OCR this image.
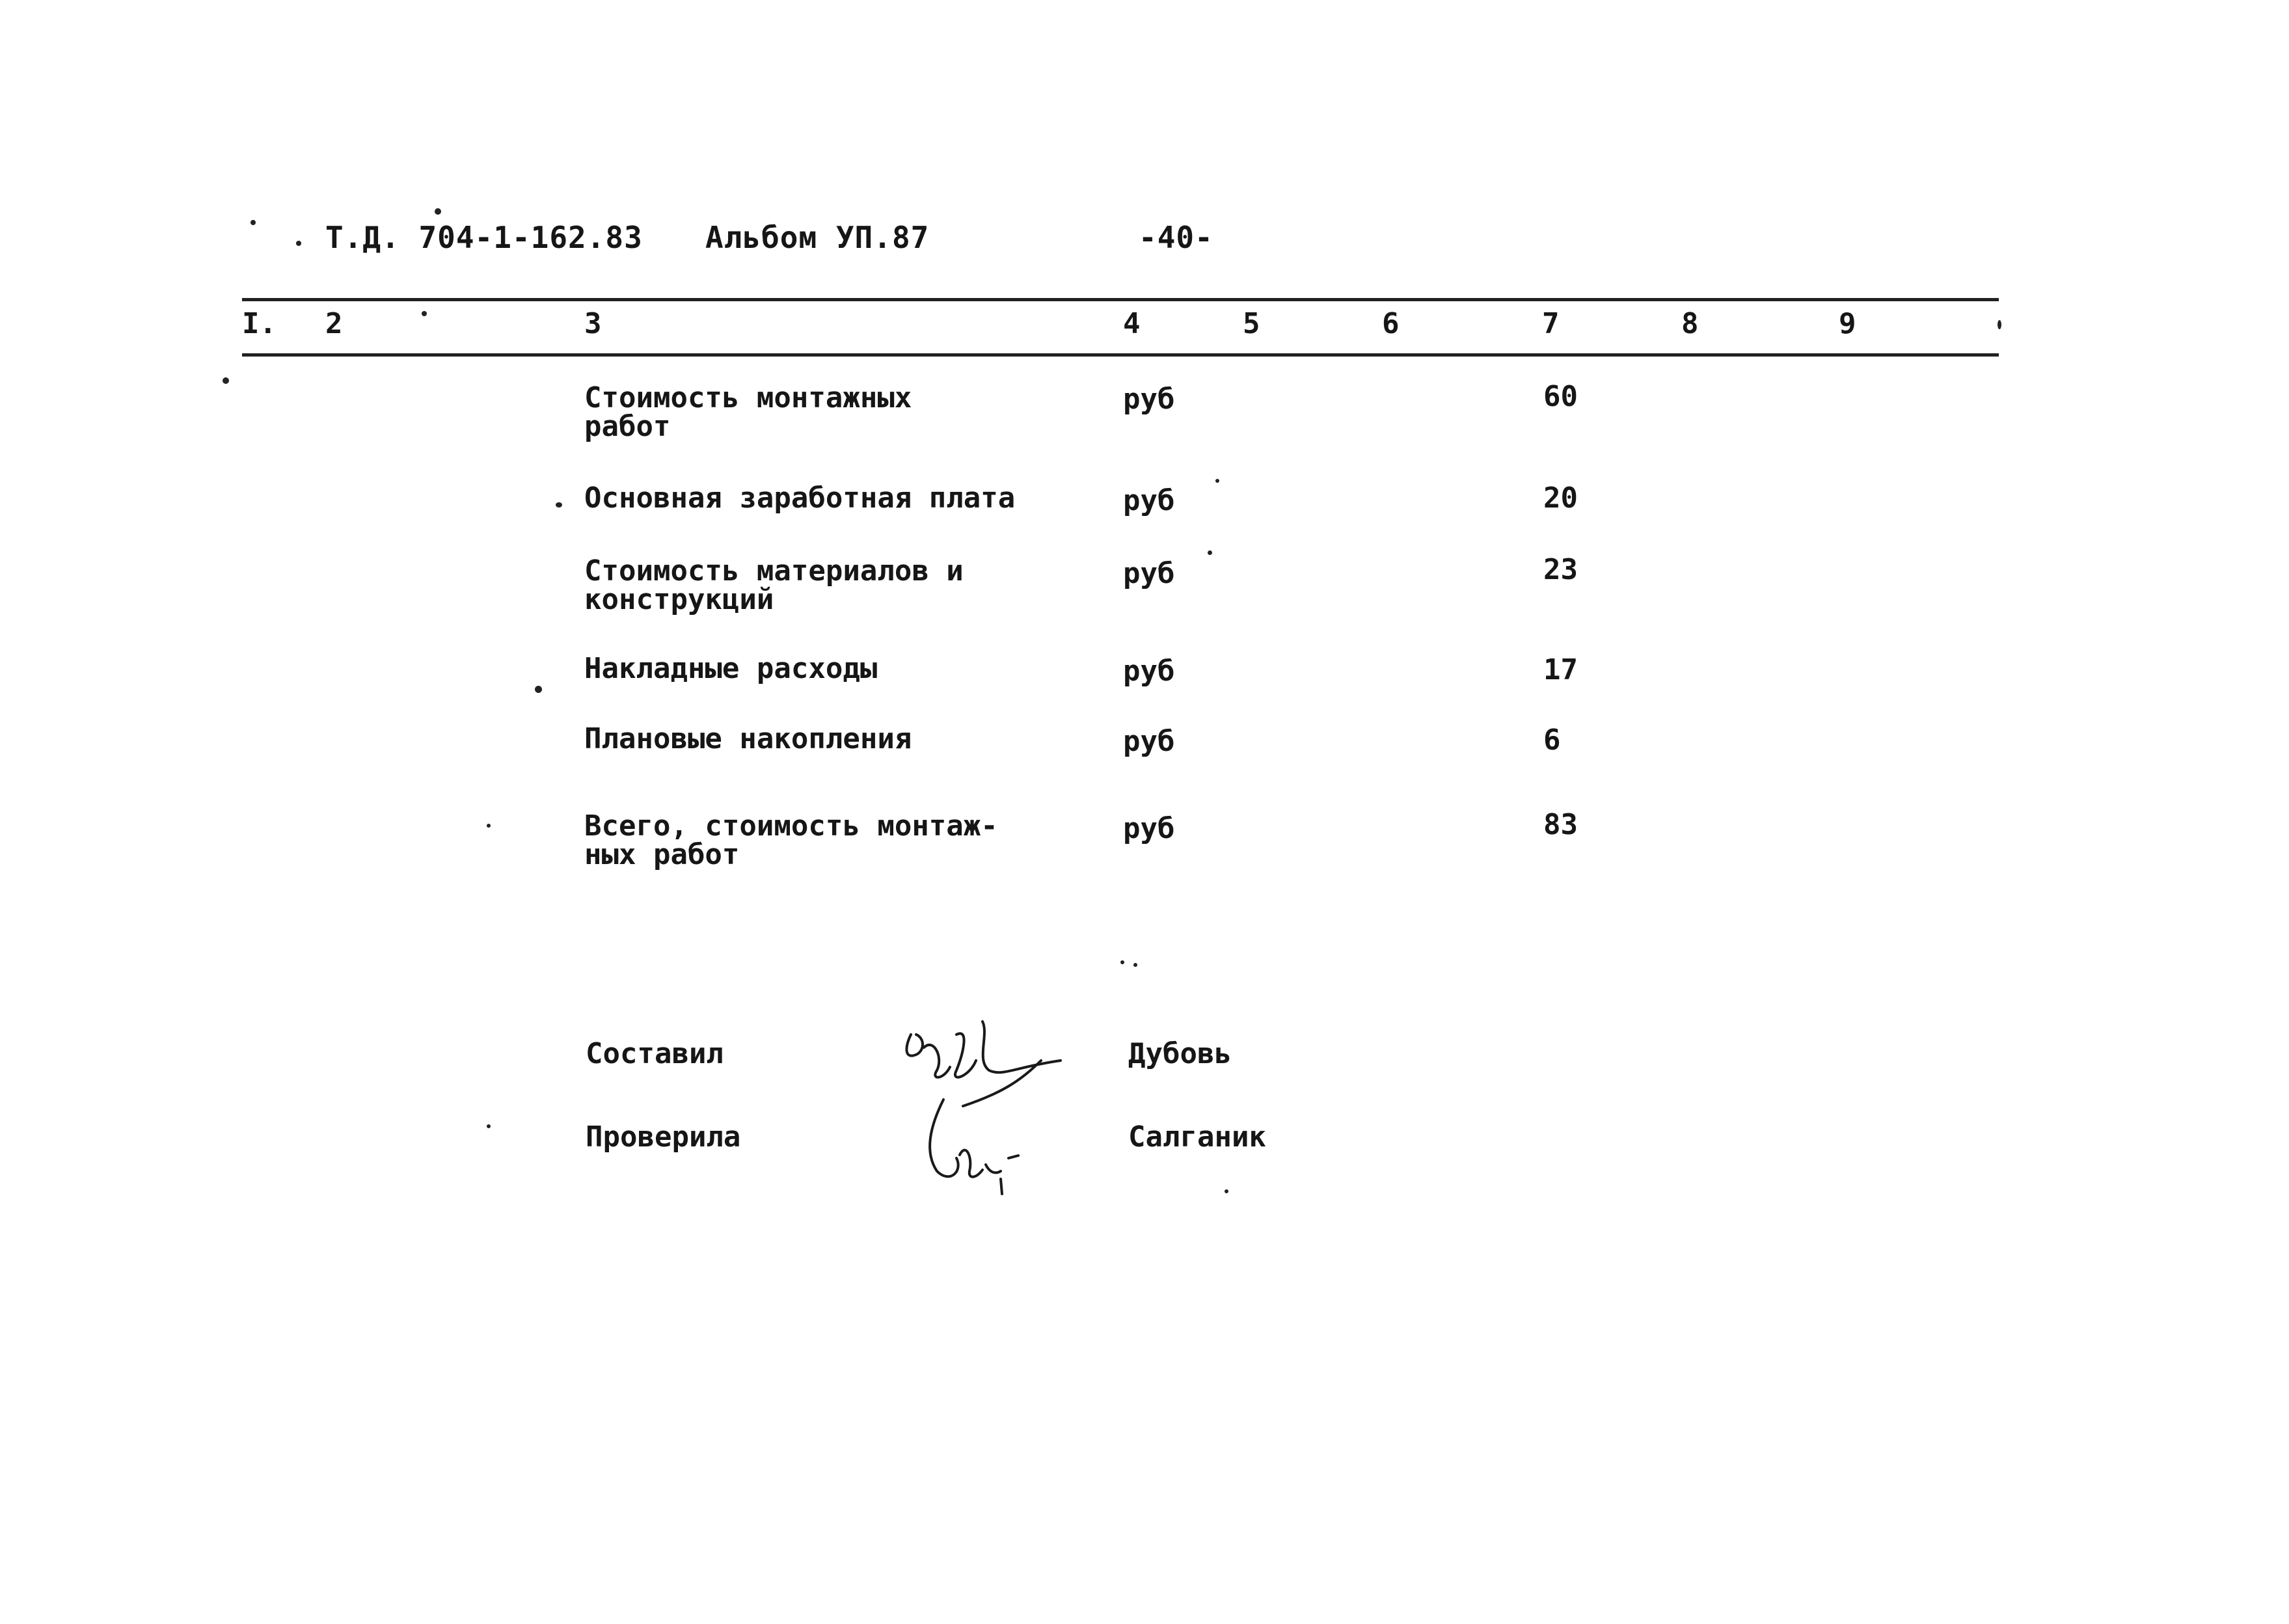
Т.Д. 704-1-162.83 Альбом УП.87	-40-
I. 2	3	4	5	6	7	8	9
Стоимость монтажных
работ
руб	60
Основная заработная плата	руб	20
Стоимость материалов и
конструкций
руб	23
Накладные расходы	руб	17
Плановые накопления	руб	6
Всего, стоимость монтаж-
ных работ
руб	83
Составил	Дубовь
Проверила	Салганик
